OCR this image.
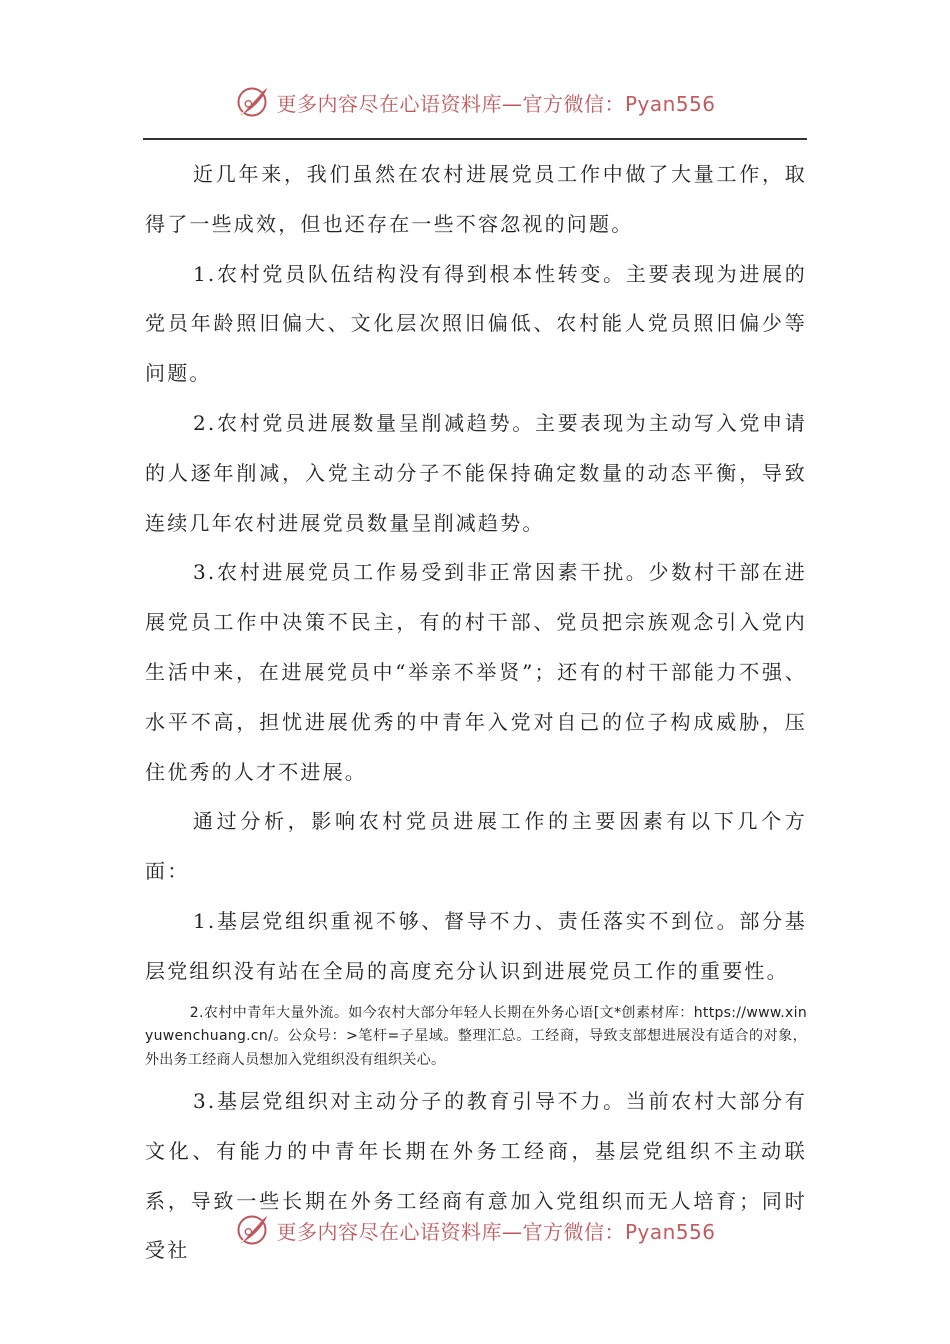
更多内容尽在心语资料库—官方微信：Pyan556

近几年来，我们虽然在农村进展党员工作中做了大量工作，取得了一些成效，但也还存在一些不容忽视的问题。

1.农村党员队伍结构没有得到根本性转变。主要表现为进展的党员年龄照旧偏大、文化层次照旧偏低、农村能人党员照旧偏少等问题。

2.农村党员进展数量呈削减趋势。主要表现为主动写入党申请的人逐年削减，入党主动分子不能保持确定数量的动态平衡，导致连续几年农村进展党员数量呈削减趋势。

3.农村进展党员工作易受到非正常因素干扰。少数村干部在进展党员工作中决策不民主，有的村干部、党员把宗族观念引入党内生活中来，在进展党员中“举亲不举贤”；还有的村干部能力不强、水平不高，担忧进展优秀的中青年入党对自己的位子构成威胁，压住优秀的人才不进展。

通过分析，影响农村党员进展工作的主要因素有以下几个方面：

1.基层党组织重视不够、督导不力、责任落实不到位。部分基层党组织没有站在全局的高度充分认识到进展党员工作的重要性。

2.农村中青年大量外流。如今农村大部分年轻人长期在外务心语[文*创素材库：https://www.xinyuwenchuang.cn/。公众号：>笔杆=子星域。整理汇总。工经商，导致支部想进展没有适合的对象，外出务工经商人员想加入党组织没有组织关心。

3.基层党组织对主动分子的教育引导不力。当前农村大部分有文化、有能力的中青年长期在外务工经商，基层党组织不主动联系，导致一些长期在外务工经商有意加入党组织而无人培育；同时受社

更多内容尽在心语资料库—官方微信：Pyan556
